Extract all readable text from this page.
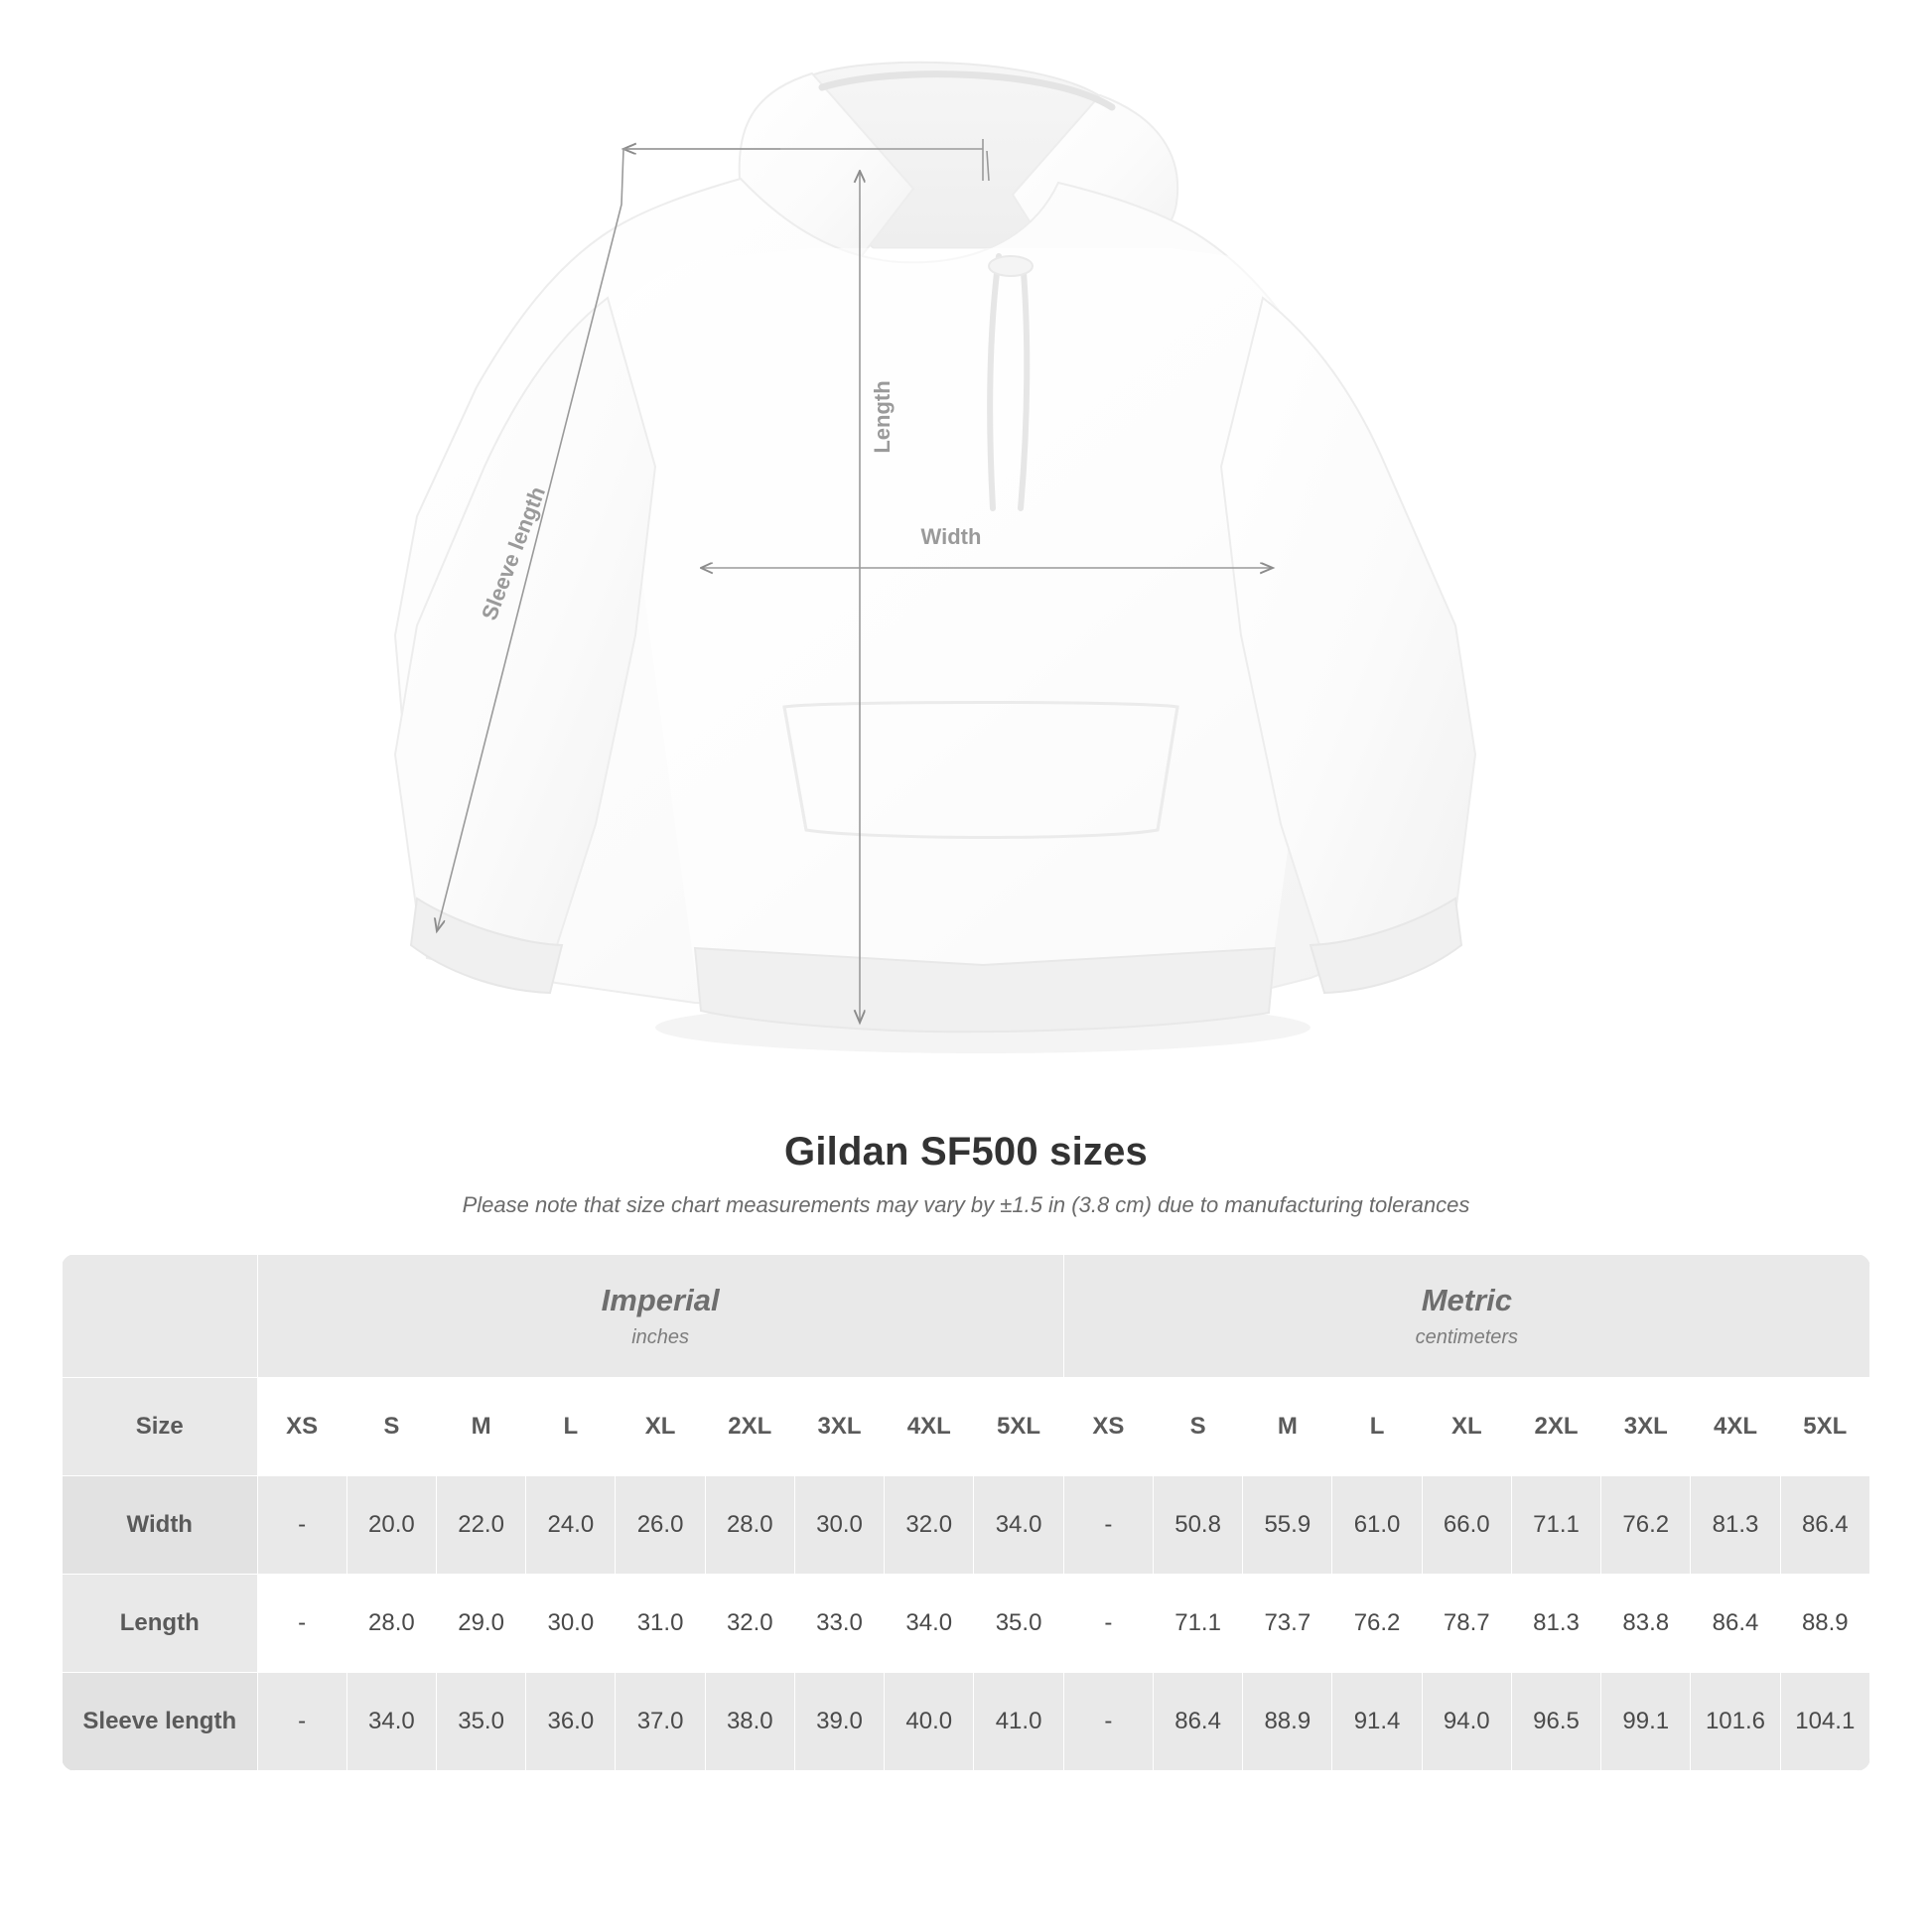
Sleeve length
Length
Width
Gildan SF500 sizes
Please note that size chart measurements may vary by ±1.5 in (3.8 cm) due to manufacturing tolerances

Imperial
inches

Metric
centimeters

Size	XS	S	M	L	XL	2XL	3XL	4XL	5XL	XS	S	M	L	XL	2XL	3XL	4XL	5XL
Width	-	20.0	22.0	24.0	26.0	28.0	30.0	32.0	34.0	-	50.8	55.9	61.0	66.0	71.1	76.2	81.3	86.4
Length	-	28.0	29.0	30.0	31.0	32.0	33.0	34.0	35.0	-	71.1	73.7	76.2	78.7	81.3	83.8	86.4	88.9
Sleeve length	-	34.0	35.0	36.0	37.0	38.0	39.0	40.0	41.0	-	86.4	88.9	91.4	94.0	96.5	99.1	101.6	104.1
